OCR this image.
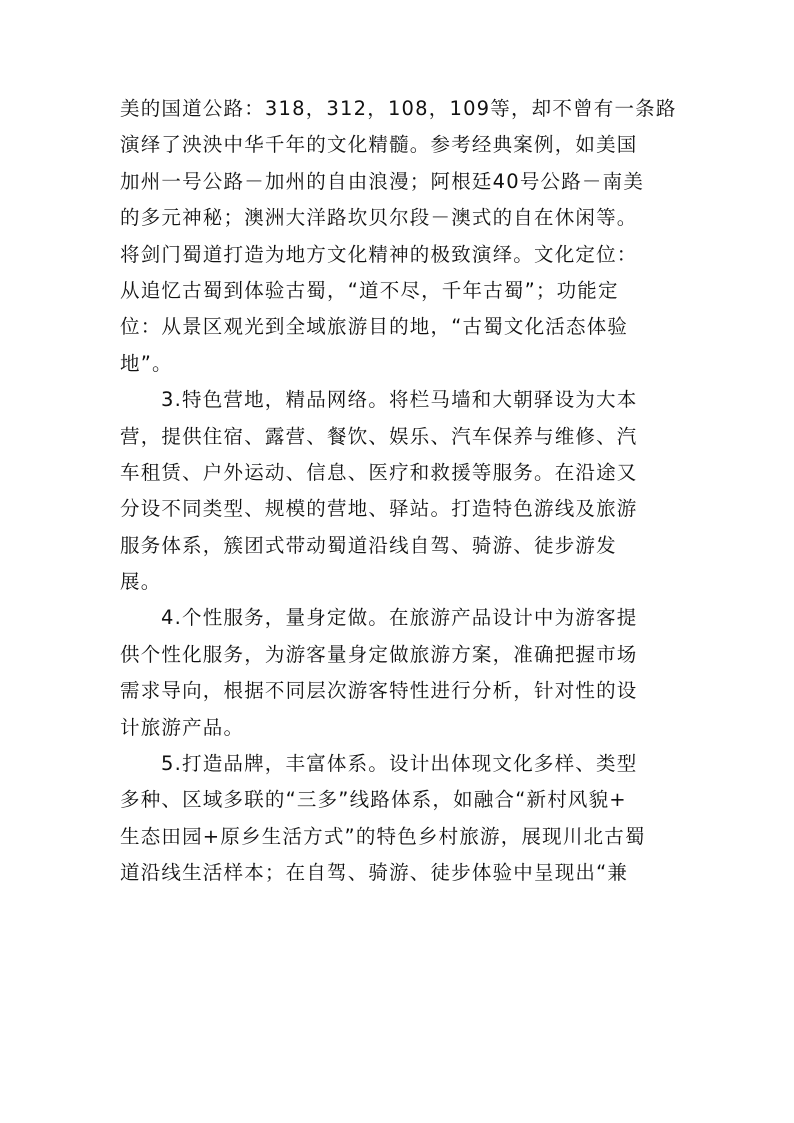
美的国道公路：318，312，108，109等，却不曾有一条路
演绎了泱泱中华千年的文化精髓。参考经典案例，如美国
加州一号公路－加州的自由浪漫；阿根廷40号公路－南美
的多元神秘；澳洲大洋路坎贝尔段－澳式的自在休闲等。
将剑门蜀道打造为地方文化精神的极致演绎。文化定位：
从追忆古蜀到体验古蜀，“道不尽，千年古蜀”；功能定
位：从景区观光到全域旅游目的地，“古蜀文化活态体验
地”。
3.特色营地，精品网络。将栏马墙和大朝驿设为大本
营，提供住宿、露营、餐饮、娱乐、汽车保养与维修、汽
车租赁、户外运动、信息、医疗和救援等服务。在沿途又
分设不同类型、规模的营地、驿站。打造特色游线及旅游
服务体系，簇团式带动蜀道沿线自驾、骑游、徒步游发
展。
4.个性服务，量身定做。在旅游产品设计中为游客提
供个性化服务，为游客量身定做旅游方案，准确把握市场
需求导向，根据不同层次游客特性进行分析，针对性的设
计旅游产品。
5.打造品牌，丰富体系。设计出体现文化多样、类型
多种、区域多联的“三多”线路体系，如融合“新村风貌+
生态田园+原乡生活方式”的特色乡村旅游，展现川北古蜀
道沿线生活样本；在自驾、骑游、徒步体验中呈现出“兼
